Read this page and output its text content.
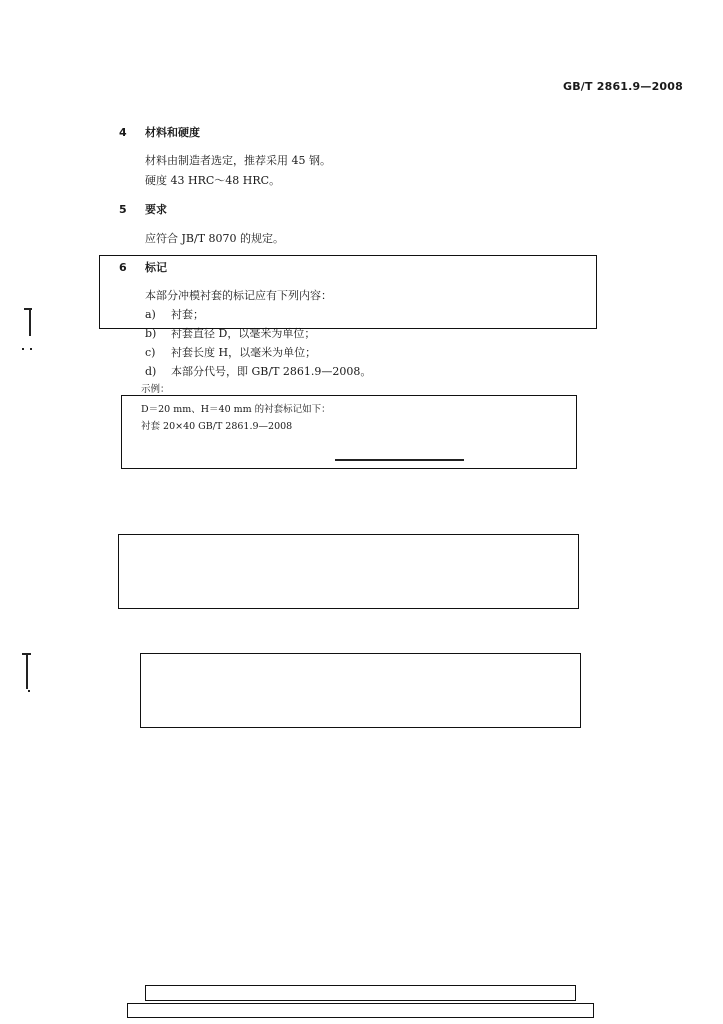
GB/T 2861.9—2008
4 材料和硬度
材料由制造者选定，推荐采用 45 钢。
硬度 43 HRC～48 HRC。
5 要求
应符合 JB/T 8070 的规定。
6 标记
本部分冲模衬套的标记应有下列内容：
a) 衬套；
b) 衬套直径 D，以毫米为单位；
c) 衬套长度 H，以毫米为单位；
d) 本部分代号，即 GB/T 2861.9—2008。
示例：
D＝20 mm、H＝40 mm 的衬套标记如下：
衬套 20×40 GB/T 2861.9—2008
